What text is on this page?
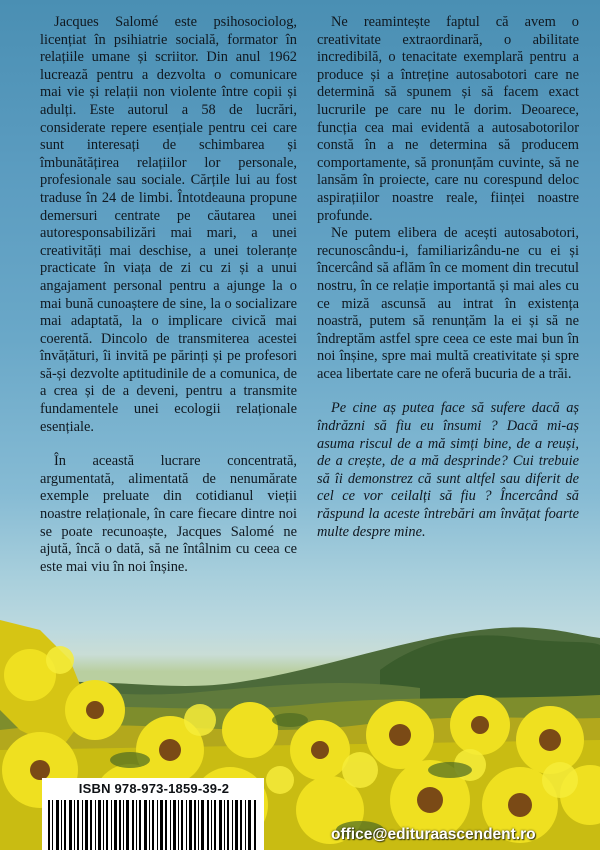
Jacques Salomé este psihosociolog, licențiat în psihiatrie socială, formator în relațiile umane și scriitor. Din anul 1962 lucrează pentru a dezvolta o comunicare mai vie și relații non violente între copii și adulți. Este autorul a 58 de lucrări, considerate repere esențiale pentru cei care sunt interesați de schimbarea și îmbunătățirea relațiilor lor personale, profesionale sau sociale. Cărțile lui au fost traduse în 24 de limbi. Întotdeauna propune demersuri centrate pe căutarea unei autoresponsabilizări mai mari, a unei creativități mai deschise, a unei toleranțe practicate în viața de zi cu zi și a unui angajament personal pentru a ajunge la o mai bună cunoaștere de sine, la o socializare mai adaptată, la o implicare civică mai coerentă. Dincolo de transmiterea acestei învățături, îi invită pe părinți și pe profesori să-și dezvolte aptitudinile de a comunica, de a crea și de a deveni, pentru a transmite fundamentele unei ecologii relaționale esențiale.

În această lucrare concentrată, argumentată, alimentată de nenumărate exemple preluate din cotidianul vieții noastre relaționale, în care fiecare dintre noi se poate recunoaște, Jacques Salomé ne ajută, încă o dată, să ne întâlnim cu ceea ce este mai viu în noi înșine.

Ne reamintește faptul că avem o creativitate extraordinară, o abilitate incredibilă, o tenacitate exemplară pentru a produce și a întreține autosabotori care ne determină să spunem și să facem exact lucrurile pe care nu le dorim. Deoarece, funcția cea mai evidentă a autosabotorilor constă în a ne determina să producem comportamente, să pronunțăm cuvinte, să ne lansăm în proiecte, care nu corespund deloc aspirațiilor noastre reale, ființei noastre profunde.

Ne putem elibera de acești autosabotori, recunoscându-i, familiarizându-ne cu ei și încercând să aflăm în ce moment din trecutul nostru, în ce relație importantă și mai ales cu ce miză ascunsă au intrat în existența noastră, putem să renunțăm la ei și să ne îndreptăm astfel spre ceea ce este mai bun în noi înșine, spre mai multă creativitate și spre acea libertate care ne oferă bucuria de a trăi.

Pe cine aș putea face să sufere dacă aș îndrăzni să fiu eu însumi ? Dacă mi-aș asuma riscul de a mă simți bine, de a reuși, de a crește, de a mă desprinde? Cui trebuie să îi demonstrez că sunt altfel sau diferit de cel ce vor ceilalți să fiu ? Încercând să răspund la aceste întrebări am învățat foarte multe despre mine.

ISBN 978-973-1859-39-2
office@edituraascendent.ro
